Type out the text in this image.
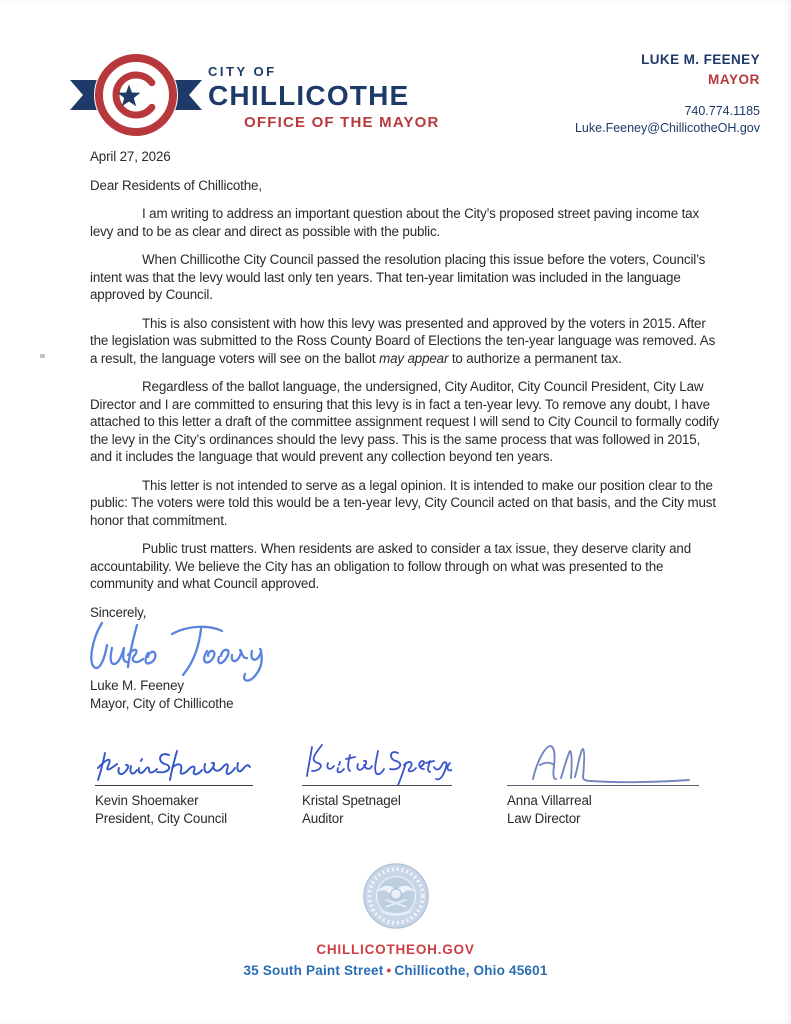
CITY OF
CHILLICOTHE
OFFICE OF THE MAYOR
LUKE M. FEENEY
MAYOR
740.774.1185
Luke.Feeney@ChillicotheOH.gov

April 27, 2026

Dear Residents of Chillicothe,

I am writing to address an important question about the City’s proposed street paving income tax levy and to be as clear and direct as possible with the public.

When Chillicothe City Council passed the resolution placing this issue before the voters, Council’s intent was that the levy would last only ten years. That ten-year limitation was included in the language approved by Council.

This is also consistent with how this levy was presented and approved by the voters in 2015. After the legislation was submitted to the Ross County Board of Elections the ten-year language was removed. As a result, the language voters will see on the ballot may appear to authorize a permanent tax.

Regardless of the ballot language, the undersigned, City Auditor, City Council President, City Law Director and I are committed to ensuring that this levy is in fact a ten-year levy. To remove any doubt, I have attached to this letter a draft of the committee assignment request I will send to City Council to formally codify the levy in the City’s ordinances should the levy pass. This is the same process that was followed in 2015, and it includes the language that would prevent any collection beyond ten years.

This letter is not intended to serve as a legal opinion. It is intended to make our position clear to the public: The voters were told this would be a ten-year levy, City Council acted on that basis, and the City must honor that commitment.

Public trust matters. When residents are asked to consider a tax issue, they deserve clarity and accountability. We believe the City has an obligation to follow through on what was presented to the community and what Council approved.

Sincerely,

Luke M. Feeney
Mayor, City of Chillicothe
Kevin Shoemaker
President, City Council
Kristal Spetnagel
Auditor
Anna Villarreal
Law Director
CHILLICOTHEOH.GOV
35 South Paint Street • Chillicothe, Ohio 45601
